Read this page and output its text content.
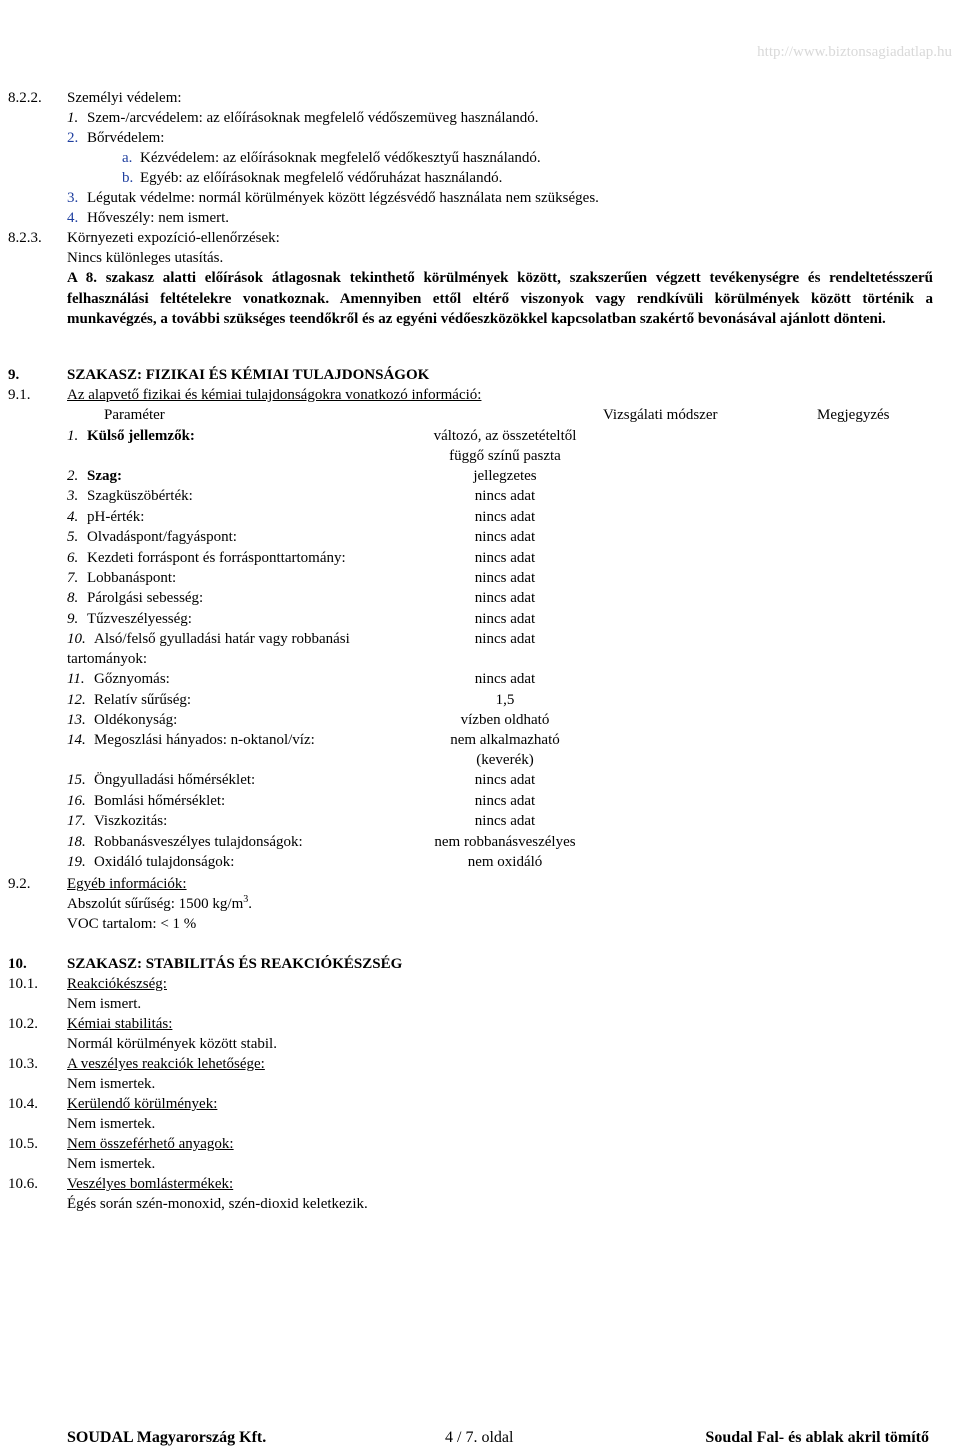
Elkészítés időpontja: 2009. június 4.
Felülvizsgálat időpontja: 2014. március 5.
Verziószám: 3	http://www.biztonsagiadatlap.hu
8.2.2. Személyi védelem:
1. Szem-/arcvédelem: az előírásoknak megfelelő védőszemüveg használandó.
2. Bőrvédelem:
a. Kézvédelem: az előírásoknak megfelelő védőkesztyű használandó.
b. Egyéb: az előírásoknak megfelelő védőruházat használandó.
3. Légutak védelme: normál körülmények között légzésvédő használata nem szükséges.
4. Hőveszély: nem ismert.
8.2.3. Környezeti expozíció-ellenőrzések:
Nincs különleges utasítás.
A 8. szakasz alatti előírások átlagosnak tekinthető körülmények között, szakszerűen végzett tevékenységre és rendeltetésszerű felhasználási feltételekre vonatkoznak. Amennyiben ettől eltérő viszonyok vagy rendkívüli körülmények között történik a munkavégzés, a további szükséges teendőkről és az egyéni védőeszközökkel kapcsolatban szakértő bevonásával ajánlott dönteni.
9.	SZAKASZ: FIZIKAI ÉS KÉMIAI TULAJDONSÁGOK
9.1. Az alapvető fizikai és kémiai tulajdonságokra vonatkozó információ:
Paraméter	Vizsgálati módszer	Megjegyzés
1. Külső jellemzők:	változó, az összetételtől
függő színű paszta
2. Szag:	jellegzetes
3. Szagküszöbérték:	nincs adat
4. pH-érték:	nincs adat
5. Olvadáspont/fagyáspont:	nincs adat
6. Kezdeti forráspont és forrásponttartomány:	nincs adat
7. Lobbanáspont:	nincs adat
8. Párolgási sebesség:	nincs adat
9. Tűzveszélyesség:	nincs adat
10. Alsó/felső gyulladási határ vagy robbanási	nincs adat
tartományok:
11. Gőznyomás:	nincs adat
12. Relatív sűrűség:	1,5
13. Oldékonyság:	vízben oldható
14. Megoszlási hányados: n-oktanol/víz:	nem alkalmazható
(keverék)
15. Öngyulladási hőmérséklet:	nincs adat
16. Bomlási hőmérséklet:	nincs adat
17. Viszkozitás:	nincs adat
18. Robbanásveszélyes tulajdonságok:	nem robbanásveszélyes
19. Oxidáló tulajdonságok:	nem oxidáló
9.2. Egyéb információk:
Abszolút sűrűség: 1500 $kg/m^3$.
VOC tartalom: < 1 %
10.	SZAKASZ: STABILITÁS ÉS REAKCIÓKÉSZSÉG
10.1. Reakciókészség:
Nem ismert.
10.2. Kémiai stabilitás:
Normál körülmények között stabil.
10.3. A veszélyes reakciók lehetősége:
Nem ismertek.
10.4. Kerülendő körülmények:
Nem ismertek.
10.5. Nem összeférhető anyagok:
Nem ismertek.
10.6. Veszélyes bomlástermékek:
Égés során szén-monoxid, szén-dioxid keletkezik.
SOUDAL Magyarország Kft.	4 / 7. oldal	Soudal Fal- és ablak akril tömítő
